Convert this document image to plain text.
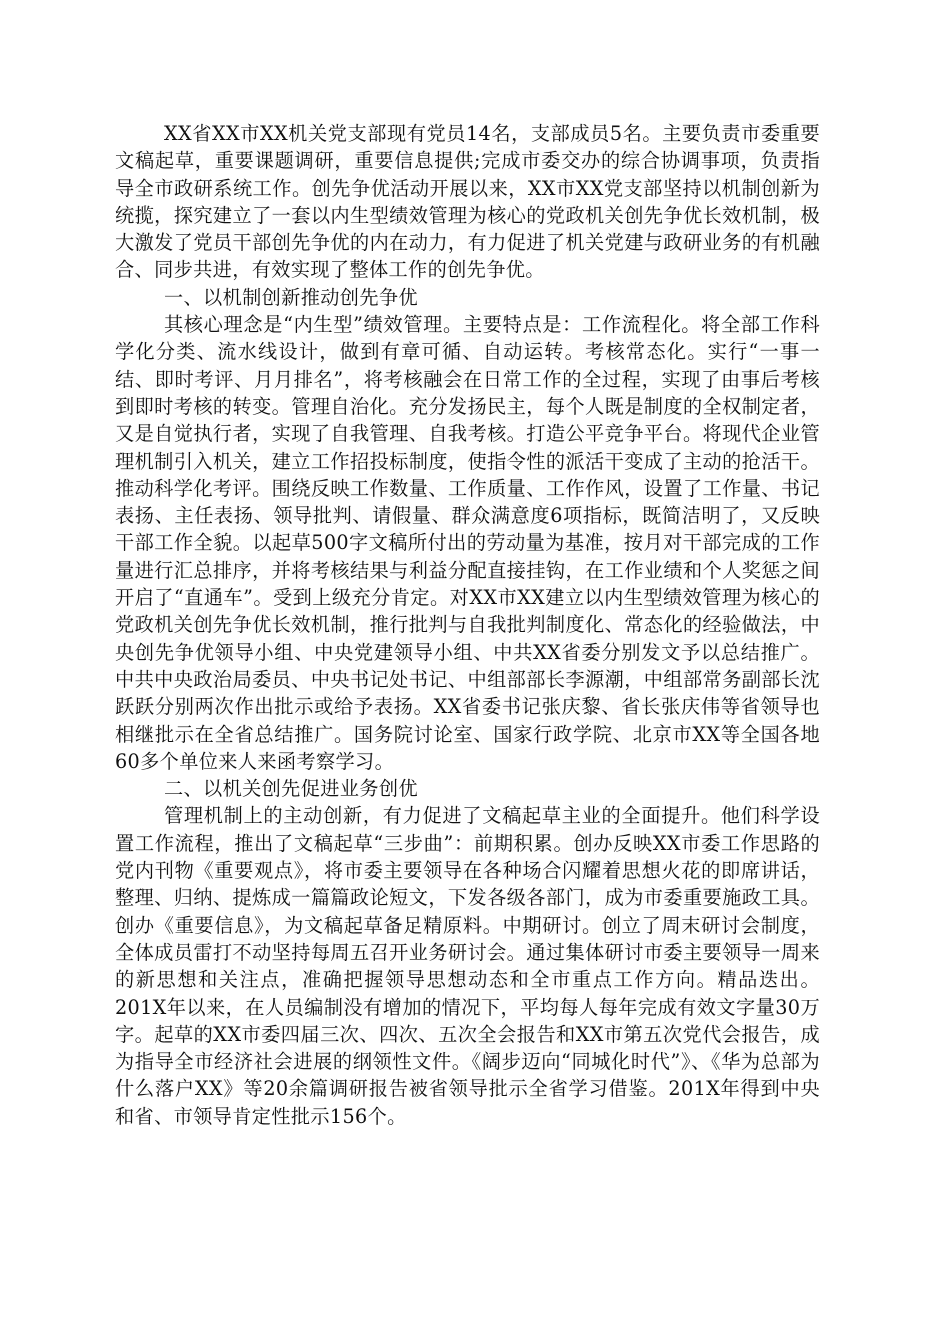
XX省XX市XX机关党支部现有党员14名，支部成员5名。主要负责市委重要文稿起草，重要课题调研，重要信息提供;完成市委交办的综合协调事项，负责指导全市政研系统工作。创先争优活动开展以来，XX市XX党支部坚持以机制创新为统揽，探究建立了一套以内生型绩效管理为核心的党政机关创先争优长效机制，极大激发了党员干部创先争优的内在动力，有力促进了机关党建与政研业务的有机融合、同步共进，有效实现了整体工作的创先争优。

一、以机制创新推动创先争优

其核心理念是“内生型”绩效管理。主要特点是：工作流程化。将全部工作科学化分类、流水线设计，做到有章可循、自动运转。考核常态化。实行“一事一结、即时考评、月月排名”，将考核融会在日常工作的全过程，实现了由事后考核到即时考核的转变。管理自治化。充分发扬民主，每个人既是制度的全权制定者，又是自觉执行者，实现了自我管理、自我考核。打造公平竞争平台。将现代企业管理机制引入机关，建立工作招投标制度，使指令性的派活干变成了主动的抢活干。推动科学化考评。围绕反映工作数量、工作质量、工作作风，设置了工作量、书记表扬、主任表扬、领导批判、请假量、群众满意度6项指标，既简洁明了，又反映干部工作全貌。以起草500字文稿所付出的劳动量为基准，按月对干部完成的工作量进行汇总排序，并将考核结果与利益分配直接挂钩，在工作业绩和个人奖惩之间开启了“直通车”。受到上级充分肯定。对XX市XX建立以内生型绩效管理为核心的党政机关创先争优长效机制，推行批判与自我批判制度化、常态化的经验做法，中央创先争优领导小组、中央党建领导小组、中共XX省委分别发文予以总结推广。中共中央政治局委员、中央书记处书记、中组部部长李源潮，中组部常务副部长沈跃跃分别两次作出批示或给予表扬。XX省委书记张庆黎、省长张庆伟等省领导也相继批示在全省总结推广。国务院讨论室、国家行政学院、北京市XX等全国各地60多个单位来人来函考察学习。

二、以机关创先促进业务创优

管理机制上的主动创新，有力促进了文稿起草主业的全面提升。他们科学设置工作流程，推出了文稿起草“三步曲”：前期积累。创办反映XX市委工作思路的党内刊物《重要观点》，将市委主要领导在各种场合闪耀着思想火花的即席讲话，整理、归纳、提炼成一篇篇政论短文，下发各级各部门，成为市委重要施政工具。创办《重要信息》，为文稿起草备足精原料。中期研讨。创立了周末研讨会制度，全体成员雷打不动坚持每周五召开业务研讨会。通过集体研讨市委主要领导一周来的新思想和关注点，准确把握领导思想动态和全市重点工作方向。精品迭出。201X年以来，在人员编制没有增加的情况下，平均每人每年完成有效文字量30万字。起草的XX市委四届三次、四次、五次全会报告和XX市第五次党代会报告，成为指导全市经济社会进展的纲领性文件。《阔步迈向“同城化时代”》、《华为总部为什么落户XX》等20余篇调研报告被省领导批示全省学习借鉴。201X年得到中央和省、市领导肯定性批示156个。
